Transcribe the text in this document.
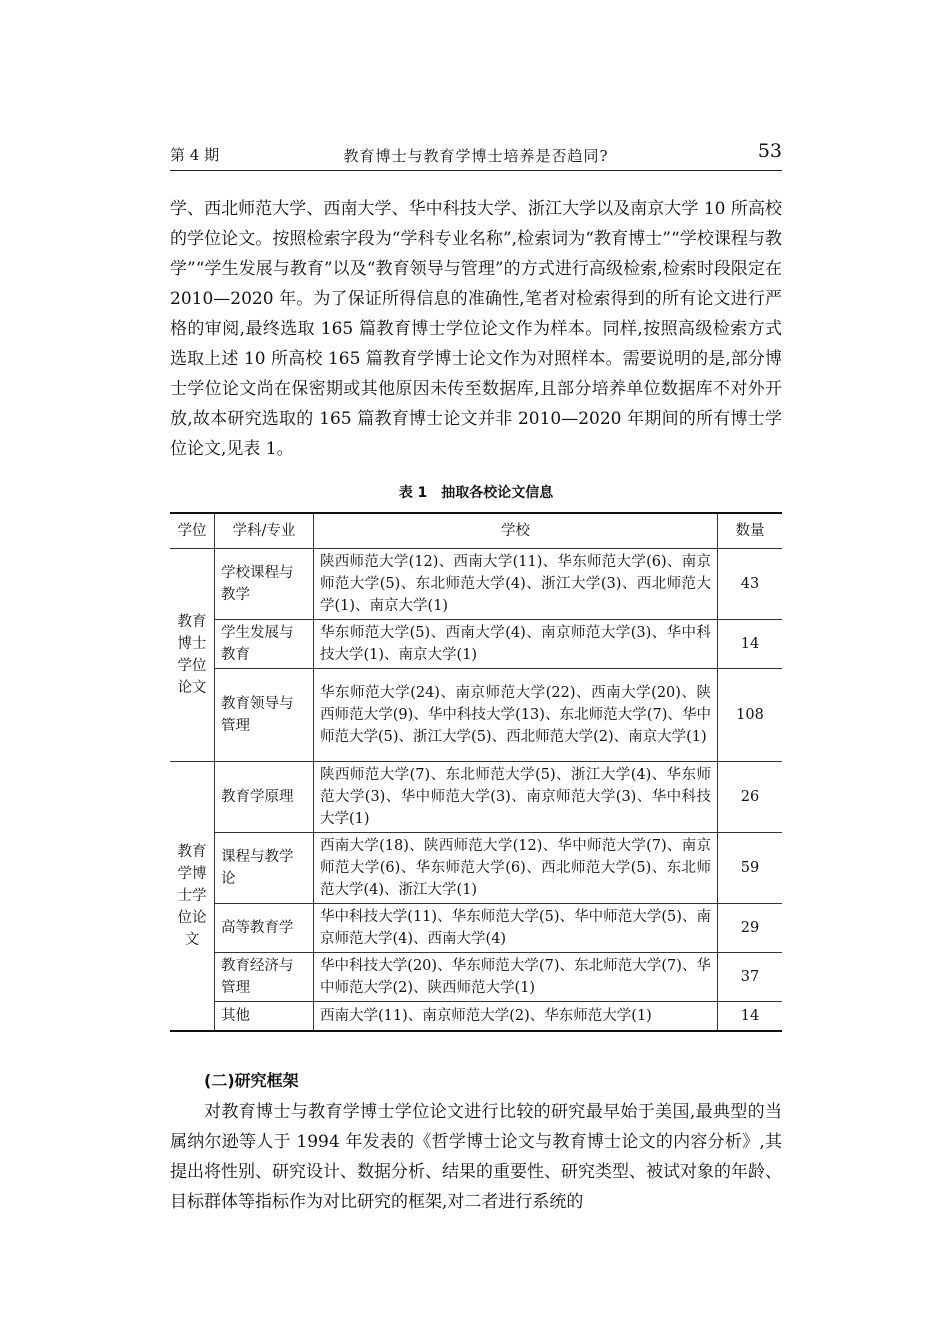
第 4 期	教育博士与教育学博士培养是否趋同?	53

学、西北师范大学、西南大学、华中科技大学、浙江大学以及南京大学 10 所高校的学位论文。按照检索字段为“学科专业名称”,检索词为“教育博士”“学校课程与教学”“学生发展与教育”以及“教育领导与管理”的方式进行高级检索,检索时段限定在 2010—2020 年。为了保证所得信息的准确性,笔者对检索得到的所有论文进行严格的审阅,最终选取 165 篇教育博士学位论文作为样本。同样,按照高级检索方式选取上述 10 所高校 165 篇教育学博士论文作为对照样本。需要说明的是,部分博士学位论文尚在保密期或其他原因未传至数据库,且部分培养单位数据库不对外开放,故本研究选取的 165 篇教育博士论文并非 2010—2020 年期间的所有博士学位论文,见表 1。

表 1　抽取各校论文信息
学位	学科/专业	学校	数量
教育博士学位论文	学校课程与教学	陕西师范大学(12)、西南大学(11)、华东师范大学(6)、南京师范大学(5)、东北师范大学(4)、浙江大学(3)、西北师范大学(1)、南京大学(1)	43
	学生发展与教育	华东师范大学(5)、西南大学(4)、南京师范大学(3)、华中科技大学(1)、南京大学(1)	14
	教育领导与管理	华东师范大学(24)、南京师范大学(22)、西南大学(20)、陕西师范大学(9)、华中科技大学(13)、东北师范大学(7)、华中师范大学(5)、浙江大学(5)、西北师范大学(2)、南京大学(1)	108
教育学博士学位论文	教育学原理	陕西师范大学(7)、东北师范大学(5)、浙江大学(4)、华东师范大学(3)、华中师范大学(3)、南京师范大学(3)、华中科技大学(1)	26
	课程与教学论	西南大学(18)、陕西师范大学(12)、华中师范大学(7)、南京师范大学(6)、华东师范大学(6)、西北师范大学(5)、东北师范大学(4)、浙江大学(1)	59
	高等教育学	华中科技大学(11)、华东师范大学(5)、华中师范大学(5)、南京师范大学(4)、西南大学(4)	29
	教育经济与管理	华中科技大学(20)、华东师范大学(7)、东北师范大学(7)、华中师范大学(2)、陕西师范大学(1)	37
	其他	西南大学(11)、南京师范大学(2)、华东师范大学(1)	14
(二)研究框架

对教育博士与教育学博士学位论文进行比较的研究最早始于美国,最典型的当属纳尔逊等人于 1994 年发表的《哲学博士论文与教育博士论文的内容分析》,其提出将性别、研究设计、数据分析、结果的重要性、研究类型、被试对象的年龄、目标群体等指标作为对比研究的框架,对二者进行系统的
